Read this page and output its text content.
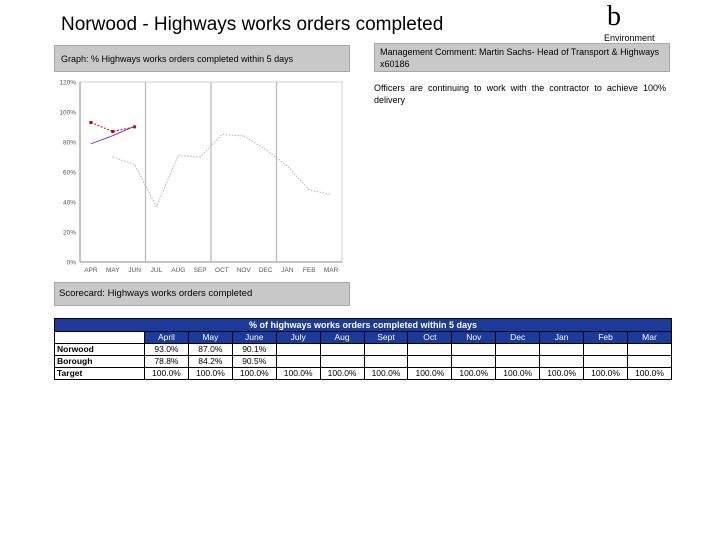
Norwood - Highways works orders completed	b
Environment
Graph: % Highways works orders completed within 5 days
Management Comment: Martin Sachs- Head of Transport & Highways x60186
Officers are continuing to work with the contractor to achieve 100% delivery
0%
20%
40%
60%
80%
100%
120%
APR MAY JUN JUL AUG SEP OCT NOV DEC JAN FEB MAR
Scorecard: Highways works orders completed
% of highways works orders completed within 5 days												
	April	May	June	July	Aug	Sept	Oct	Nov	Dec	Jan	Feb	Mar
Norwood	93.0%	87.0%	90.1%									
Borough	78.8%	84.2%	90.5%									
Target	100.0%	100.0%	100.0%	100.0%	100.0%	100.0%	100.0%	100.0%	100.0%	100.0%	100.0%	100.0%
